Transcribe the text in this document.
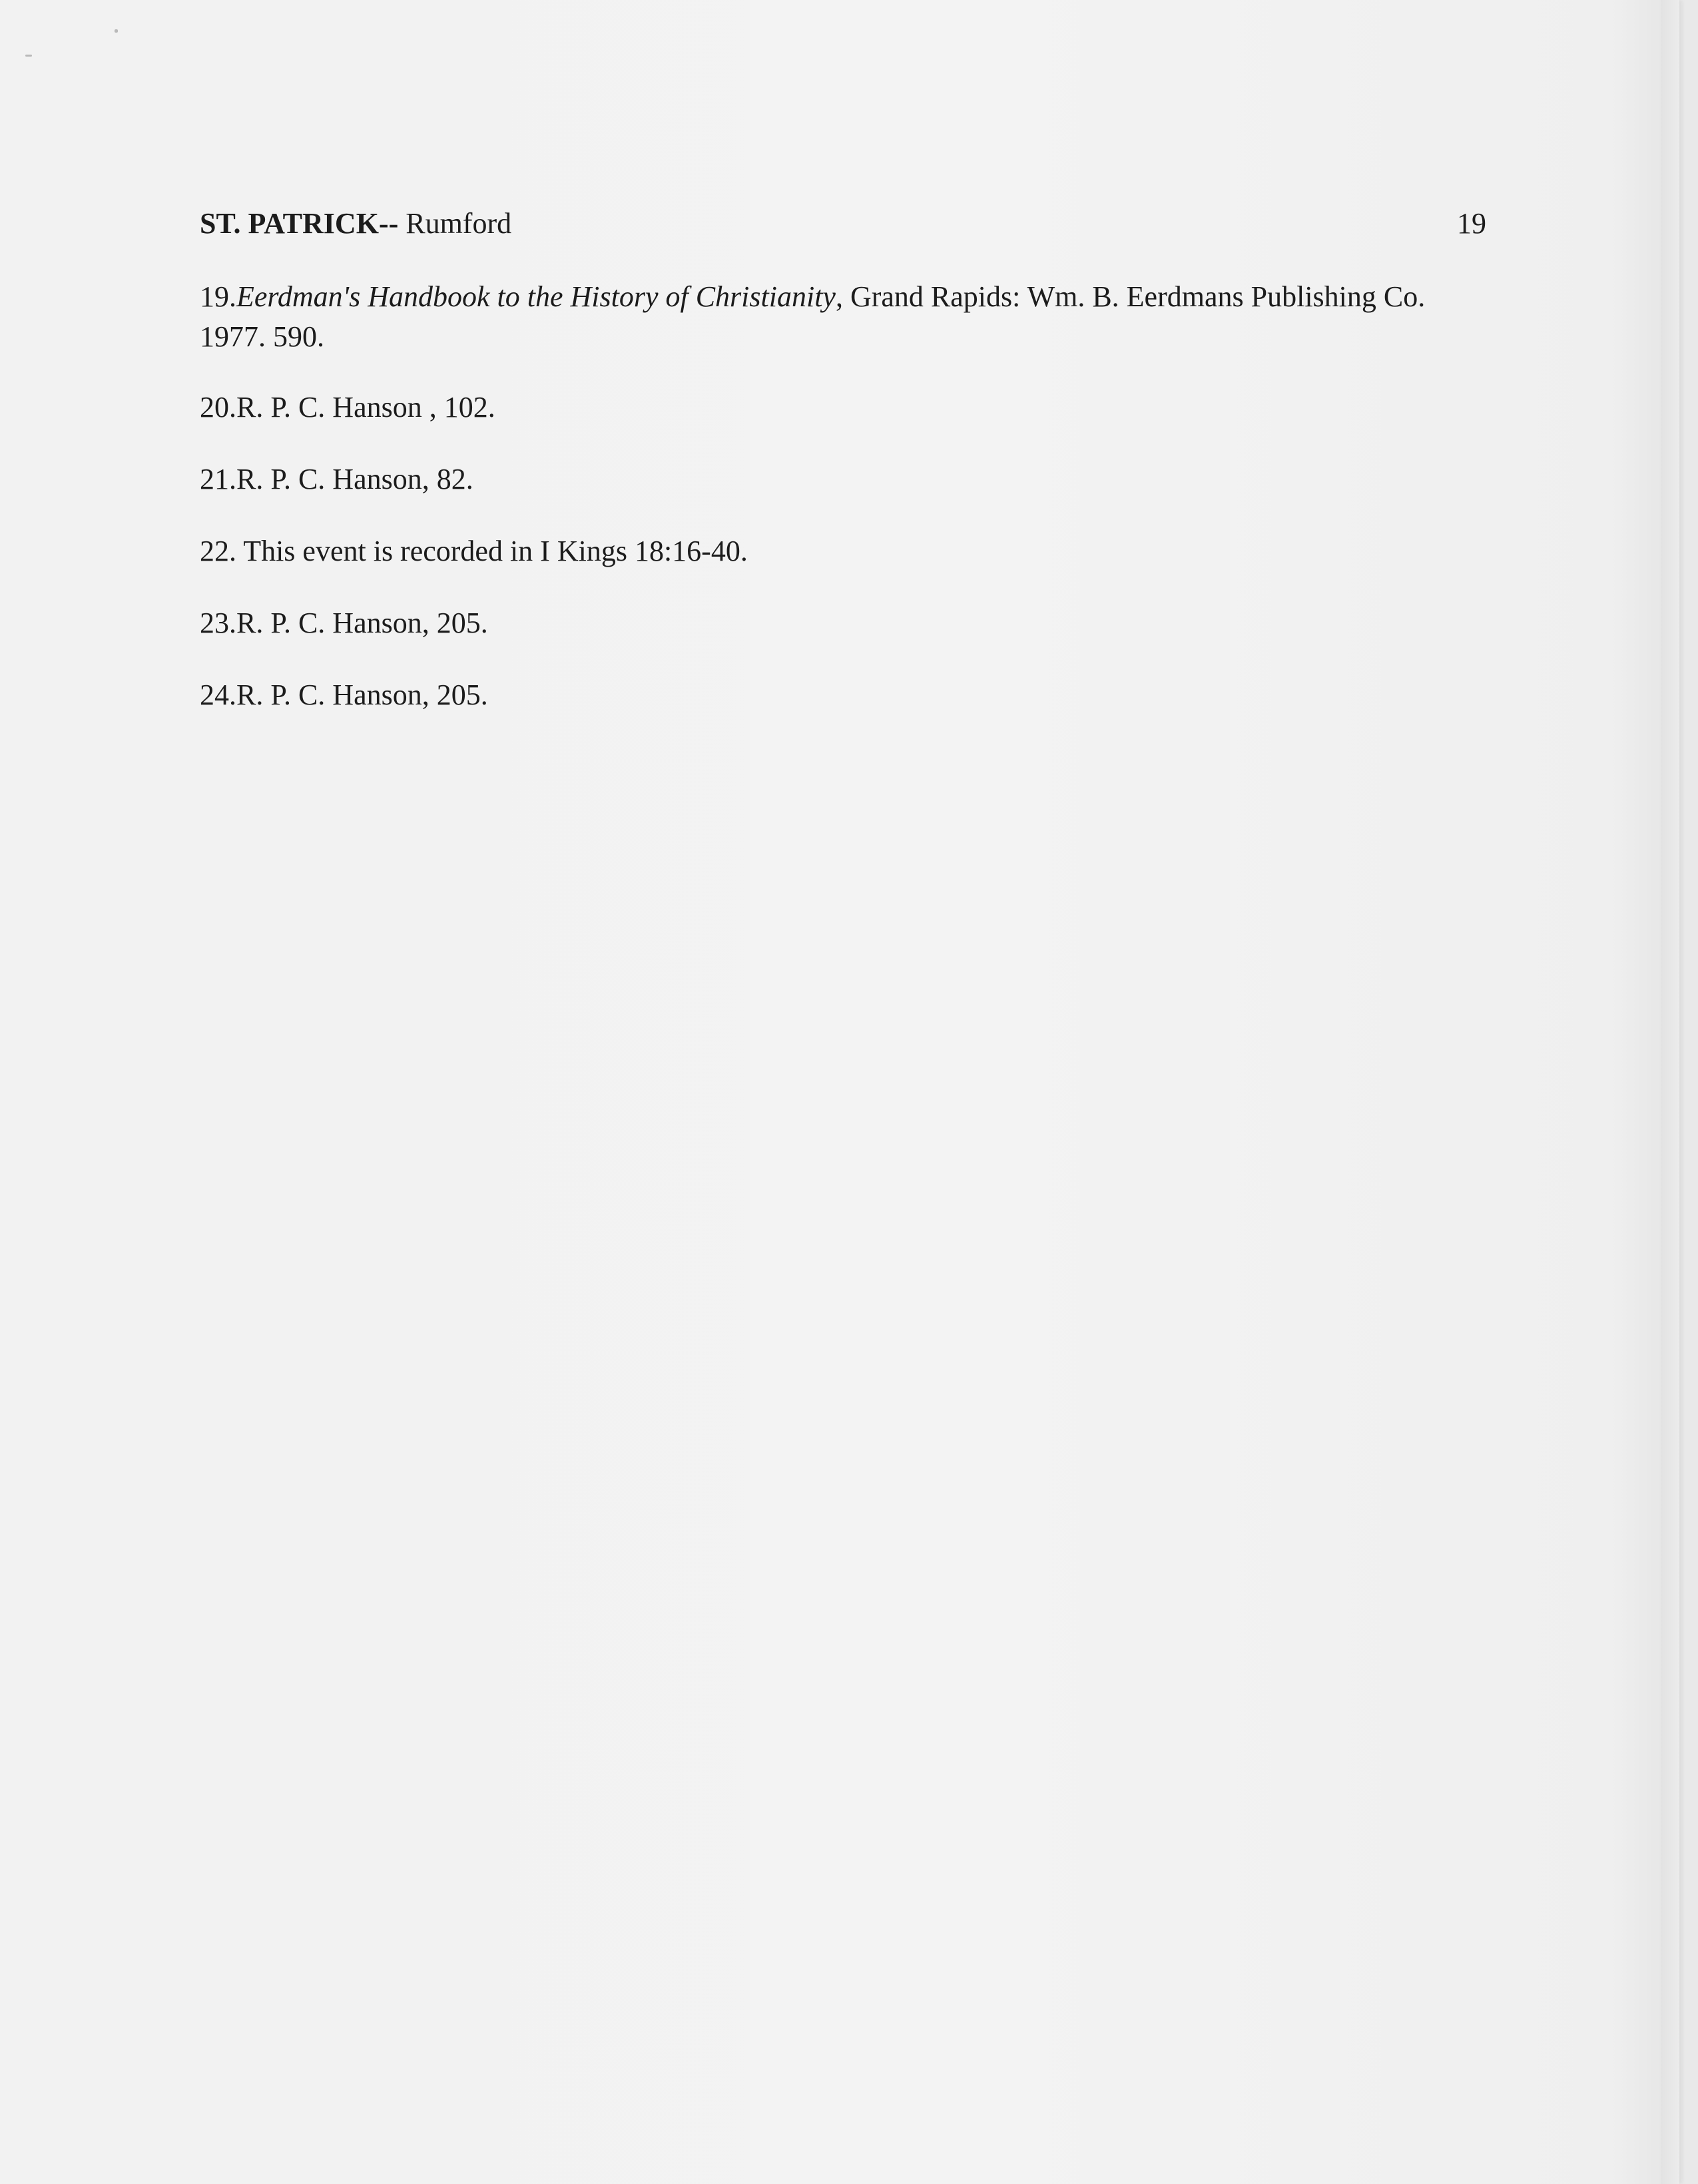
ST. PATRICK-- Rumford	19

19.Eerdman's Handbook to the History of Christianity, Grand Rapids: Wm. B. Eerdmans Publishing Co. 1977. 590.

20.R. P. C. Hanson , 102.

21.R. P. C. Hanson, 82.

22. This event is recorded in I Kings 18:16-40.

23.R. P. C. Hanson, 205.

24.R. P. C. Hanson, 205.
